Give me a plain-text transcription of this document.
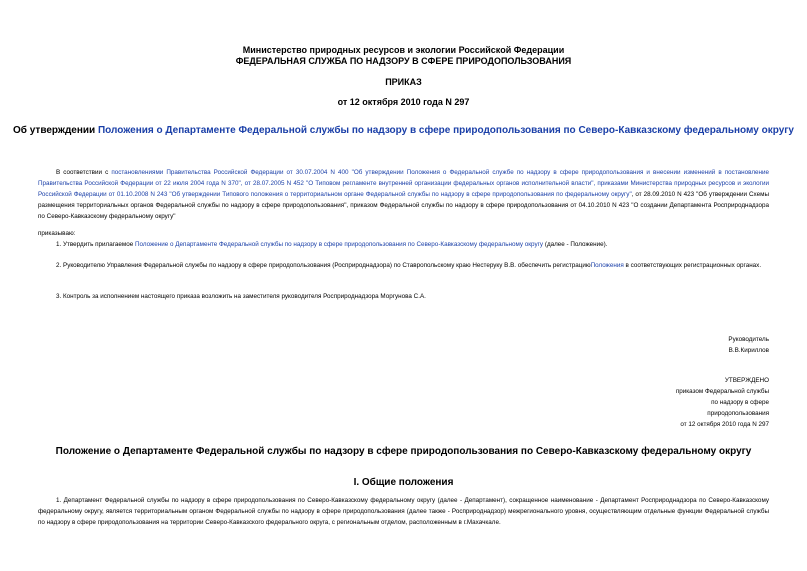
Министерство природных ресурсов и экологии Российской Федерации
ФЕДЕРАЛЬНАЯ СЛУЖБА ПО НАДЗОРУ В СФЕРЕ ПРИРОДОПОЛЬЗОВАНИЯ
ПРИКАЗ
от 12 октября 2010 года N 297
Об утверждении Положения о Департаменте Федеральной службы по надзору в сфере природопользования по Северо-Кавказскому федеральному округу
В соответствии с постановлениями Правительства Российской Федерации от 30.07.2004 N 400 "Об утверждении Положения о Федеральной службе по надзору в сфере природопользования и внесении изменений в постановление Правительства Российской Федерации от 22 июля 2004 года N 370", от 28.07.2005 N 452 "О Типовом регламенте внутренней организации федеральных органов исполнительной власти", приказами Министерства природных ресурсов и экологии Российской Федерации от 01.10.2008 N 243 "Об утверждении Типового положения о территориальном органе Федеральной службы по надзору в сфере природопользования по федеральному округу", от 28.09.2010 N 423 "Об утверждении Схемы размещения территориальных органов Федеральной службы по надзору в сфере природопользования", приказом Федеральной службы по надзору в сфере природопользования от 04.10.2010 N 423 "О создании Департамента Росприроднадзора по Северо-Кавказскому федеральному округу"
приказываю:
1. Утвердить прилагаемое Положение о Департаменте Федеральной службы по надзору в сфере природопользования по Северо-Кавказскому федеральному округу (далее - Положение).
2. Руководителю Управления Федеральной службы по надзору в сфере природопользования (Росприроднадзора) по Ставропольскому краю Нестеруку В.В. обеспечить регистрациюПоложения в соответствующих регистрационных органах.
3. Контроль за исполнением настоящего приказа возложить на заместителя руководителя Росприроднадзора Моргунова С.А.
Руководитель
В.В.Кириллов
УТВЕРЖДЕНО
приказом Федеральной службы
по надзору в сфере
природопользования
от 12 октября 2010 года N 297
Положение о Департаменте Федеральной службы по надзору в сфере природопользования по Северо-Кавказскому федеральному округу
I. Общие положения
1. Департамент Федеральной службы по надзору в сфере природопользования по Северо-Кавказскому федеральному округу (далее - Департамент), сокращенное наименование - Департамент Росприроднадзора по Северо-Кавказскому федеральному округу, является территориальным органом Федеральной службы по надзору в сфере природопользования (далее также - Росприроднадзор) межрегионального уровня, осуществляющим отдельные функции Федеральной службы по надзору в сфере природопользования на территории Северо-Кавказского федерального округа, с региональным отделом, расположенным в г.Махачкале.
